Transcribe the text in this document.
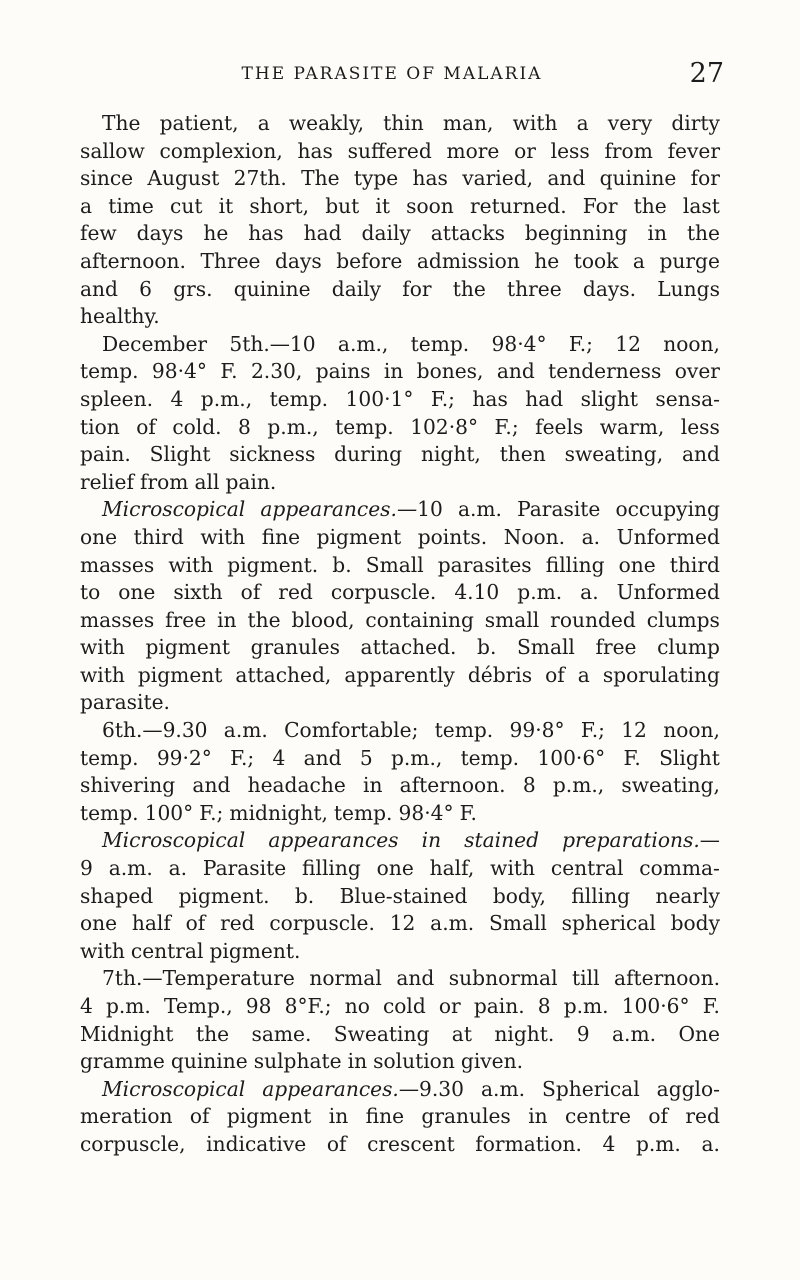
THE PARASITE OF MALARIA	27
The patient, a weakly, thin man, with a very dirty
sallow complexion, has suffered more or less from fever
since August 27th. The type has varied, and quinine for
a time cut it short, but it soon returned. For the last
few days he has had daily attacks beginning in the
afternoon. Three days before admission he took a purge
and 6 grs. quinine daily for the three days. Lungs
healthy.
December 5th.—10 a.m., temp. 98·4° F.; 12 noon,
temp. 98·4° F. 2.30, pains in bones, and tenderness over
spleen. 4 p.m., temp. 100·1° F.; has had slight sensa-
tion of cold. 8 p.m., temp. 102·8° F.; feels warm, less
pain. Slight sickness during night, then sweating, and
relief from all pain.
Microscopical appearances.—10 a.m. Parasite occupying
one third with fine pigment points. Noon. a. Unformed
masses with pigment. b. Small parasites filling one third
to one sixth of red corpuscle. 4.10 p.m. a. Unformed
masses free in the blood, containing small rounded clumps
with pigment granules attached. b. Small free clump
with pigment attached, apparently débris of a sporulating
parasite.
6th.—9.30 a.m. Comfortable; temp. 99·8° F.; 12 noon,
temp. 99·2° F.; 4 and 5 p.m., temp. 100·6° F. Slight
shivering and headache in afternoon. 8 p.m., sweating,
temp. 100° F.; midnight, temp. 98·4° F.
Microscopical appearances in stained preparations.—
9 a.m. a. Parasite filling one half, with central comma-
shaped pigment. b. Blue-stained body, filling nearly
one half of red corpuscle. 12 a.m. Small spherical body
with central pigment.
7th.—Temperature normal and subnormal till afternoon.
4 p.m. Temp., 98 8°F.; no cold or pain. 8 p.m. 100·6° F.
Midnight the same. Sweating at night. 9 a.m. One
gramme quinine sulphate in solution given.
Microscopical appearances.—9.30 a.m. Spherical agglo-
meration of pigment in fine granules in centre of red
corpuscle, indicative of crescent formation. 4 p.m. a.
